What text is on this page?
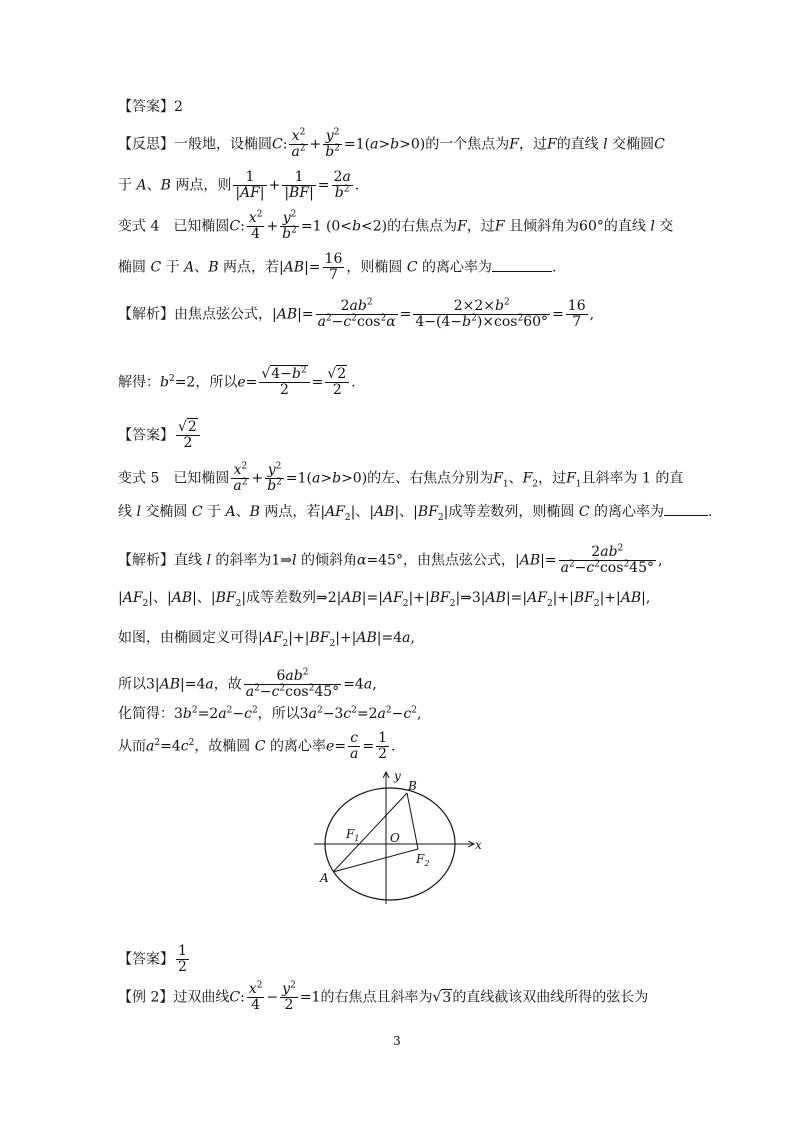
【答案】2
【反思】一般地，设椭圆C: $\frac{x^2}{a^2} + \frac{y^2}{b^2} =1(a>b>0)$的一个焦点为F，过F的直线 l 交椭圆C
于 A、B 两点，则 $\frac{1}{|AF|} + \frac{1}{|BF|} = \frac{2a}{b^2}$ .
变式 4　已知椭圆C: $\frac{x^2}{4} + \frac{y^2}{b^2} =1$ (0<b<2)的右焦点为F，过F 且倾斜角为60°的直线 l 交
椭圆 C 于 A、B 两点，若$|AB|= \frac{16}{7}$ ，则椭圆 C 的离心率为	.
【解析】由焦点弦公式，$|AB|= \frac{2ab^2}{a^2-c^2\cos^2\alpha} = \frac{2\times 2\times b^2}{4-(4-b^2)\times\cos^260^\circ} = \frac{16}{7}$ ,
解得：$b^2=2$，所以$e= \frac{√4-b^2}{2} = \frac{√2}{2}$ .
【答案】 $\frac{√2}{2}$
变式 5　已知椭圆 $\frac{x^2}{a^2} + \frac{y^2}{b^2} =1(a>b>0)$的左、右焦点分别为$F_1$、$F_2$，过$F_1$且斜率为 1 的直
线 l 交椭圆 C 于 A、B 两点，若$|AF_2|$、|AB|、$|BF_2|$成等差数列，则椭圆 C 的离心率为	.
【解析】直线 l 的斜率为1⇒l 的倾斜角α=45°，由焦点弦公式，$|AB|= \frac{2ab^2}{a^2-c^2\cos^245^\circ}$ ,
$|AF_2|$、|AB|、$|BF_2|$成等差数列$\Rightarrow 2|AB|=|AF_2|+|BF_2|\Rightarrow 3|AB|=|AF_2|+|BF_2|+|AB|$,
如图，由椭圆定义可得$|AF_2|+|BF_2|+|AB|=4a$,
所以3|AB|=4a，故 $\frac{6ab^2}{a^2-c^2\cos^245^\circ} =4a$,
化简得：$3b^2=2a^2-c^2$，所以$3a^2-3c^2=2a^2-c^2$,
从而$a^2=4c^2$，故椭圆 C 的离心率$e= \frac{c}{a} = \frac{1}{2}$ .
y
x
O
B
A
$F_1$
$F_2$
【答案】 $\frac{1}{2}$
【例 2】过双曲线C: $\frac{x^2}{4} - \frac{y^2}{2} =1$的右焦点且斜率为√3的直线截该双曲线所得的弦长为
3
